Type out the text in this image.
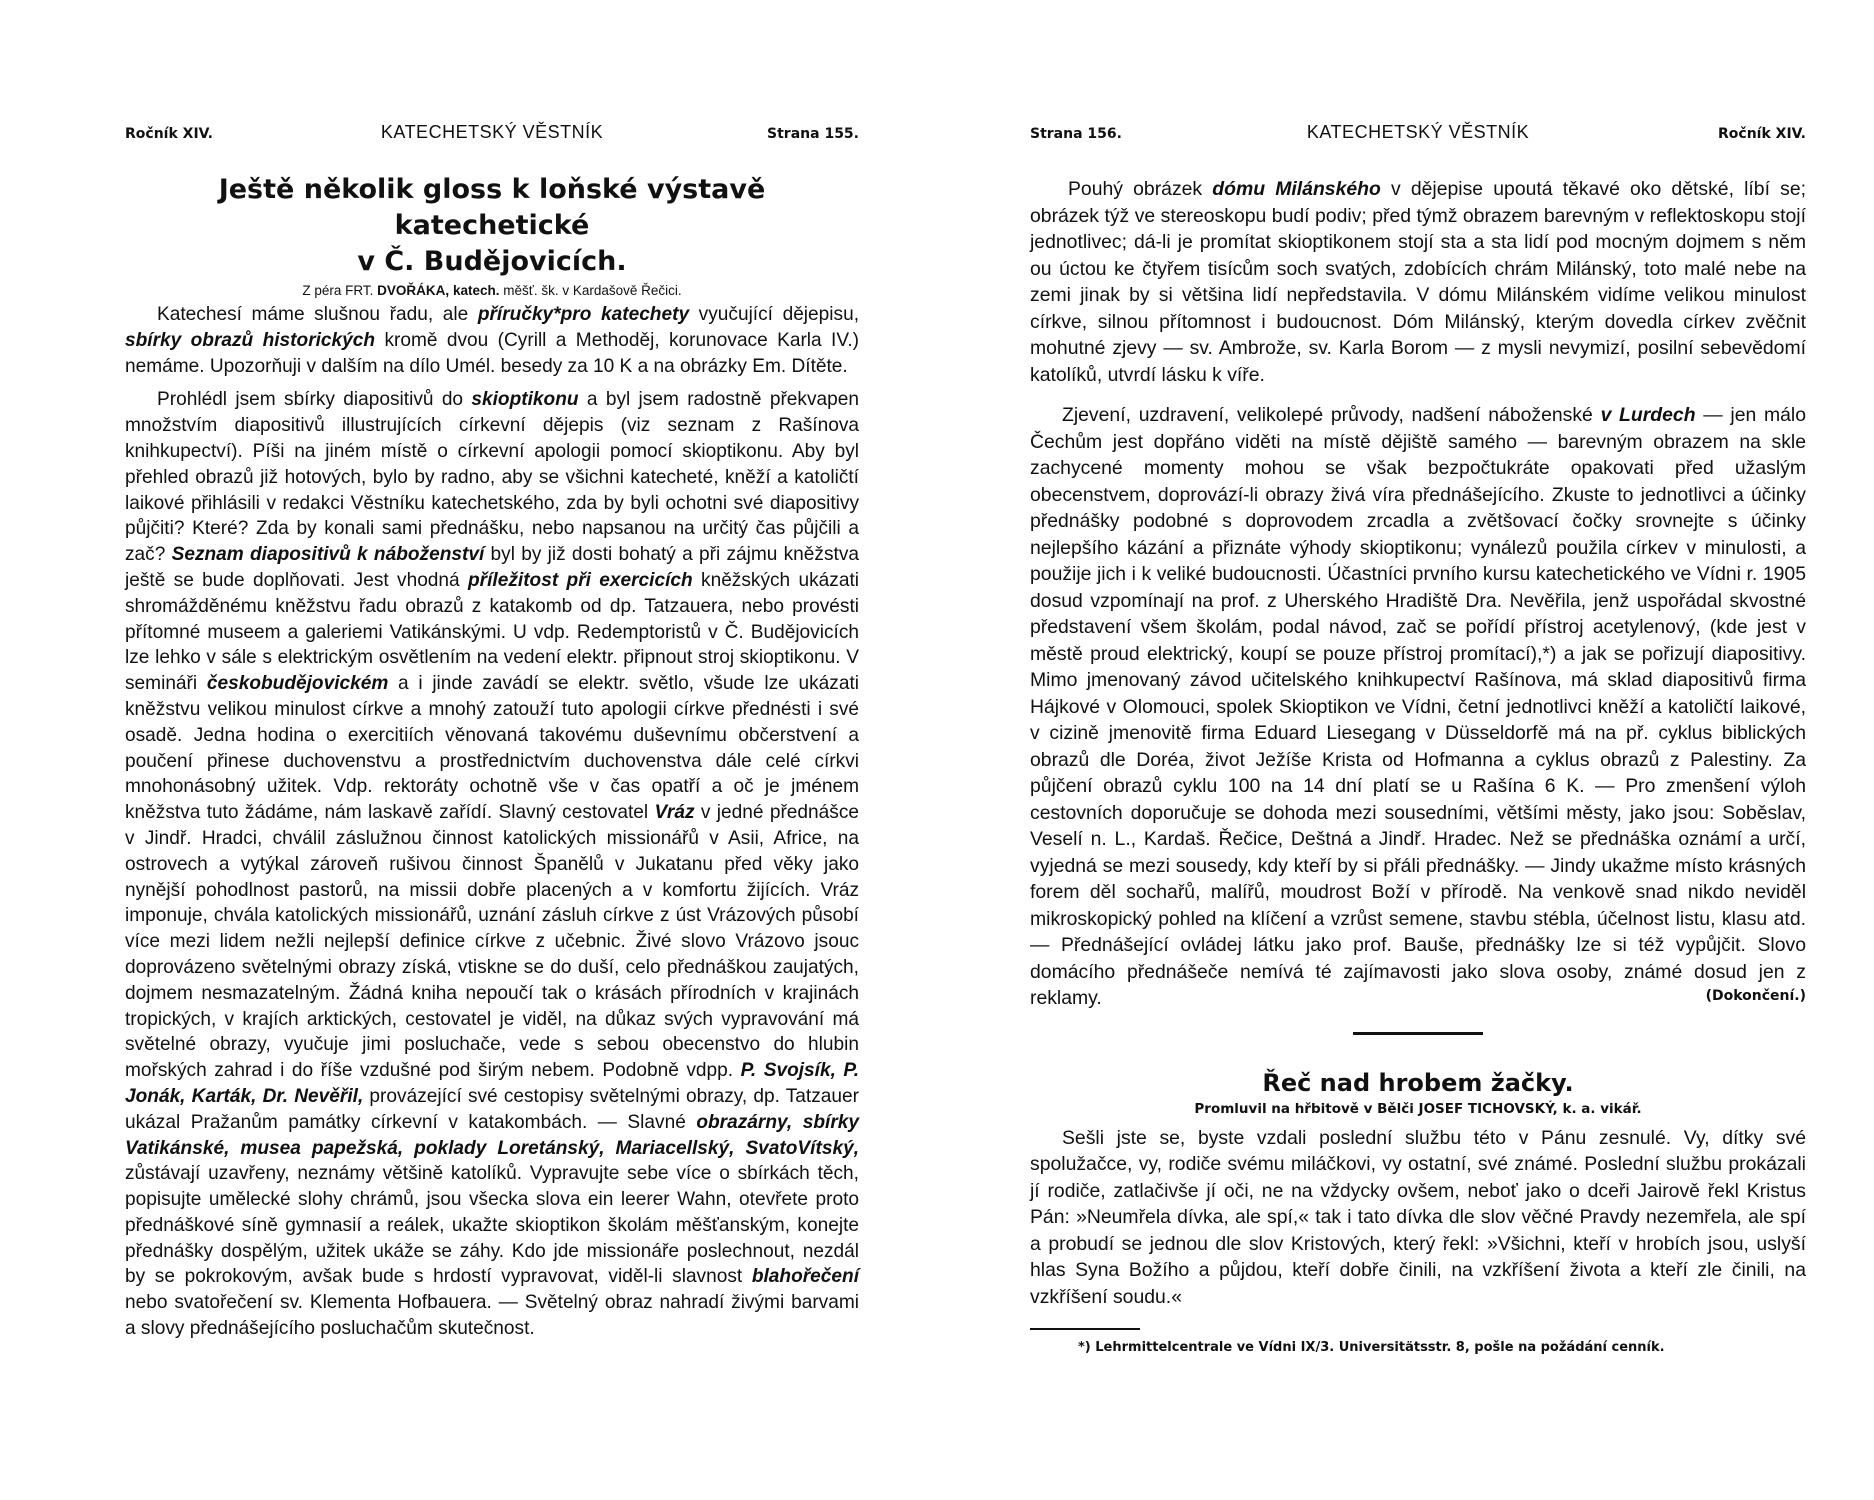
Ročník XIV.	KATECHETSKÝ VĚSTNÍK	Strana 155.
Ještě několik gloss k loňské výstavě katechetické
v Č. Budějovicích.

Z péra FRT. DVOŘÁKA, katech. měšť. šk. v Kardašově Řečici.

Katechesí máme slušnou řadu, ale příručky*pro katechety vyučující dějepisu, sbírky obrazů historických kromě dvou (Cyrill a Methoděj, korunovace Karla IV.) nemáme. Upozorňuji v dalším na dílo Umél. besedy za 10 K a na obrázky Em. Dítěte.

Prohlédl jsem sbírky diapositivů do skioptikonu a byl jsem radostně překvapen množstvím diapositivů illustrujících církevní dějepis (viz seznam z Rašínova knihkupectví). Píši na jiném místě o církevní apologii pomocí skioptikonu. Aby byl přehled obrazů již hotových, bylo by radno, aby se všichni katecheté, kněží a katoličtí laikové přihlásili v redakci Věstníku katechetského, zda by byli ochotni své diapositivy půjčiti? Které? Zda by konali sami přednášku, nebo napsanou na určitý čas půjčili a zač? Seznam diapositivů k náboženství byl by již dosti bohatý a při zájmu kněžstva ještě se bude doplňovati. Jest vhodná příležitost při exercicích kněžských ukázati shromážděnému kněžstvu řadu obrazů z katakomb od dp. Tatzauera, nebo provésti přítomné museem a galeriemi Vatikánskými. U vdp. Redemptoristů v Č. Budějovicích lze lehko v sále s elektrickým osvětlením na vedení elektr. připnout stroj skioptikonu. V semináři českobudějovickém a i jinde zavádí se elektr. světlo, všude lze ukázati kněžstvu velikou minulost církve a mnohý zatouží tuto apologii církve přednésti i své osadě. Jedna hodina o exercitiích věnovaná takovému duševnímu občerstvení a poučení přinese duchovenstvu a prostřednictvím duchovenstva dále celé církvi mnohonásobný užitek. Vdp. rektoráty ochotně vše v čas opatří a oč je jménem kněžstva tuto žádáme, nám laskavě zařídí. Slavný cestovatel Vráz v jedné přednášce v Jindř. Hradci, chválil záslužnou činnost katolických missionářů v Asii, Africe, na ostrovech a vytýkal zároveň rušivou činnost Španělů v Jukatanu před věky jako nynější pohodlnost pastorů, na missii dobře placených a v komfortu žijících. Vráz imponuje, chvála katolických missionářů, uznání zásluh církve z úst Vrázových působí více mezi lidem nežli nejlepší definice církve z učebnic. Živé slovo Vrázovo jsouc doprovázeno světelnými obrazy získá, vtiskne se do duší, celo přednáškou zaujatých, dojmem nesmazatelným. Žádná kniha nepoučí tak o krásách přírodních v krajinách tropických, v krajích arktických, cestovatel je viděl, na důkaz svých vypravování má světelné obrazy, vyučuje jimi posluchače, vede s sebou obecenstvo do hlubin mořských zahrad i do říše vzdušné pod širým nebem. Podobně vdpp. P. Svojsík, P. Jonák, Karták, Dr. Nevěřil, provázející své cestopisy světelnými obrazy, dp. Tatzauer ukázal Pražanům památky církevní v katakombách. — Slavné obrazárny, sbírky Vatikánské, musea papežská, poklady Loretánský, Mariacellský, SvatoVítský, zůstávají uzavřeny, neznámy většině katolíků. Vypravujte sebe více o sbírkách těch, popisujte umělecké slohy chrámů, jsou všecka slova ein leerer Wahn, otevřete proto přednáškové síně gymnasií a reálek, ukažte skioptikon školám měšťanským, konejte přednášky dospělým, užitek ukáže se záhy. Kdo jde missionáře poslechnout, nezdál by se pokrokovým, avšak bude s hrdostí vypravovat, viděl-li slavnost blahořečení nebo svatořečení sv. Klementa Hofbauera. — Světelný obraz nahradí živými barvami a slovy přednášejícího posluchačům skutečnost.

Strana 156.	KATECHETSKÝ VĚSTNÍK	Ročník XIV.

Pouhý obrázek dómu Milánského v dějepise upoutá těkavé oko dětské, líbí se; obrázek týž ve stereoskopu budí podiv; před týmž obrazem barevným v reflektoskopu stojí jednotlivec; dá-li je promítat skioptikonem stojí sta a sta lidí pod mocným dojmem s něm ou úctou ke čtyřem tisícům soch svatých, zdobících chrám Milánský, toto malé nebe na zemi jinak by si většina lidí nepředstavila. V dómu Milánském vidíme velikou minulost církve, silnou přítomnost i budoucnost. Dóm Milánský, kterým dovedla církev zvěčnit mohutné zjevy — sv. Ambrože, sv. Karla Borom — z mysli nevymizí, posilní sebevědomí katolíků, utvrdí lásku k víře.

Zjevení, uzdravení, velikolepé průvody, nadšení náboženské v Lurdech — jen málo Čechům jest dopřáno viděti na místě dějiště samého — barevným obrazem na skle zachycené momenty mohou se však bezpočtukráte opakovati před užaslým obecenstvem, doprovází-li obrazy živá víra přednášejícího. Zkuste to jednotlivci a účinky přednášky podobné s doprovodem zrcadla a zvětšovací čočky srovnejte s účinky nejlepšího kázání a přiznáte výhody skioptikonu; vynálezů použila církev v minulosti, a použije jich i k veliké budoucnosti. Účastníci prvního kursu katechetického ve Vídni r. 1905 dosud vzpomínají na prof. z Uherského Hradiště Dra. Nevěřila, jenž uspořádal skvostné představení všem školám, podal návod, zač se pořídí přístroj acetylenový, (kde jest v městě proud elektrický, koupí se pouze přístroj promítací),*) a jak se pořizují diapositivy. Mimo jmenovaný závod učitelského knihkupectví Rašínova, má sklad diapositivů firma Hájkové v Olomouci, spolek Skioptikon ve Vídni, četní jednotlivci kněží a katoličtí laikové, v cizině jmenovitě firma Eduard Liesegang v Düsseldorfě má na př. cyklus biblických obrazů dle Doréa, život Ježíše Krista od Hofmanna a cyklus obrazů z Palestiny. Za půjčení obrazů cyklu 100 na 14 dní platí se u Rašína 6 K. — Pro zmenšení výloh cestovních doporučuje se dohoda mezi sousedními, většími městy, jako jsou: Soběslav, Veselí n. L., Kardaš. Řečice, Deštná a Jindř. Hradec. Než se přednáška oznámí a určí, vyjedná se mezi sousedy, kdy kteří by si přáli přednášky. — Jindy ukažme místo krásných forem děl sochařů, malířů, moudrost Boží v přírodě. Na venkově snad nikdo neviděl mikroskopický pohled na klíčení a vzrůst semene, stavbu stébla, účelnost listu, klasu atd. — Přednášející ovládej látku jako prof. Bauše, přednášky lze si též vypůjčit. Slovo domácího přednášeče nemívá té zajímavosti jako slova osoby, známé dosud jen z reklamy.	(Dokončení.)
Řeč nad hrobem žačky.

Promluvil na hřbitově v Bělči JOSEF TICHOVSKÝ, k. a. vikář.

Sešli jste se, byste vzdali poslední službu této v Pánu zesnulé. Vy, dítky své spolužačce, vy, rodiče svému miláčkovi, vy ostatní, své známé. Poslední službu prokázali jí rodiče, zatlačivše jí oči, ne na vždycky ovšem, neboť jako o dceři Jairově řekl Kristus Pán: »Neumřela dívka, ale spí,« tak i tato dívka dle slov věčné Pravdy nezemřela, ale spí a probudí se jednou dle slov Kristových, který řekl: »Všichni, kteří v hrobích jsou, uslyší hlas Syna Božího a půjdou, kteří dobře činili, na vzkříšení života a kteří zle činili, na vzkříšení soudu.«

*) Lehrmittelcentrale ve Vídni IX/3. Universitätsstr. 8, pošle na požádání cenník.
